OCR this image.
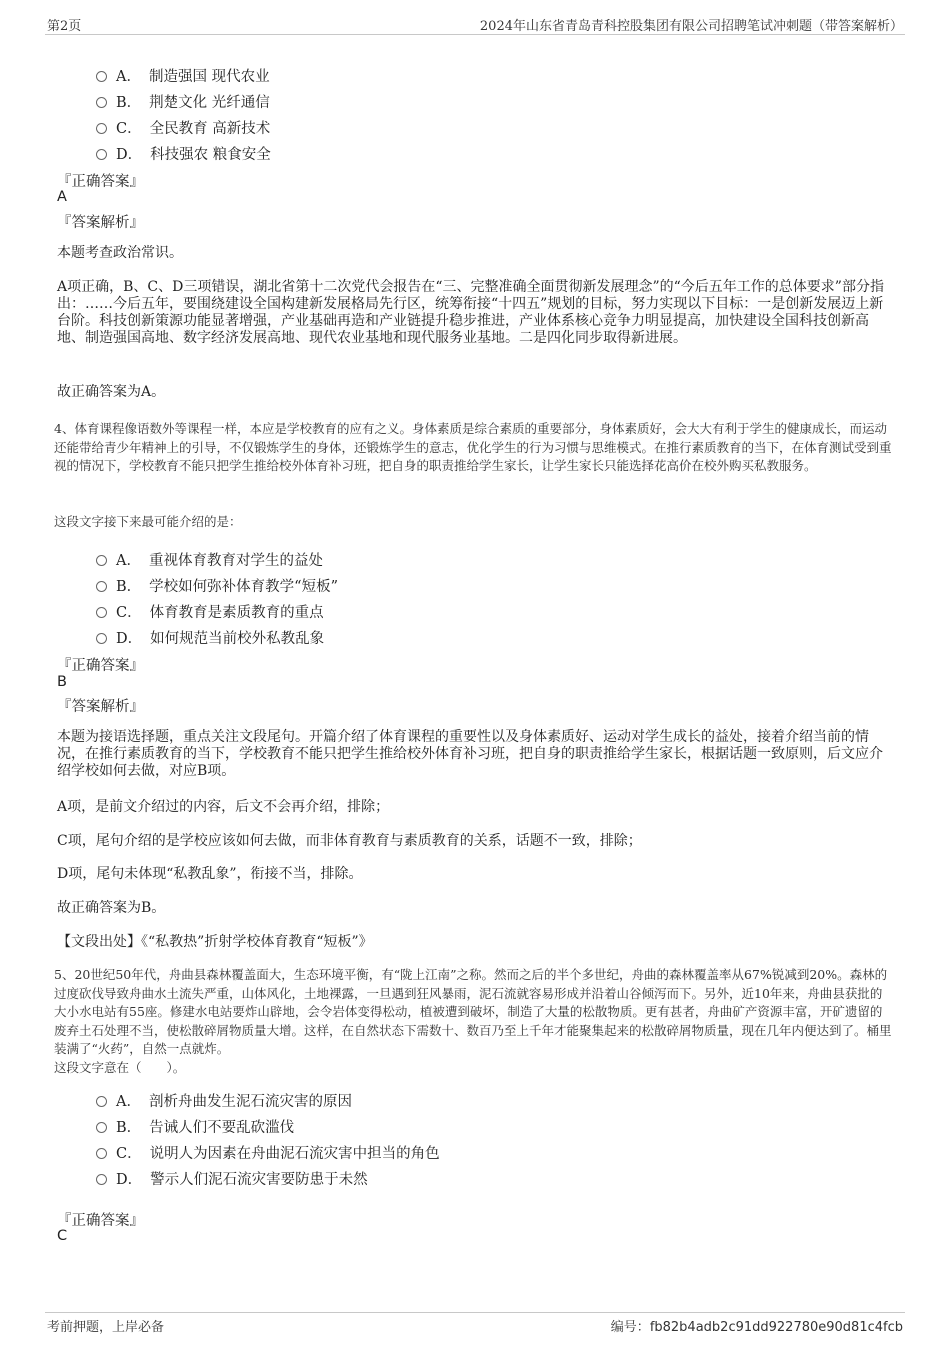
第2页	2024年山东省青岛青科控股集团有限公司招聘笔试冲刺题（带答案解析）
A． 制造强国 现代农业
B． 荆楚文化 光纤通信
C． 全民教育 高新技术
D． 科技强农 粮食安全
『正确答案』
A
『答案解析』
本题考查政治常识。
A项正确，B、C、D三项错误，湖北省第十二次党代会报告在“三、完整准确全面贯彻新发展理念”的“今后五年工作的总体要求”部分指出：……今后五年，要围绕建设全国构建新发展格局先行区，统筹衔接“十四五”规划的目标，努力实现以下目标：一是创新发展迈上新台阶。科技创新策源功能显著增强，产业基础再造和产业链提升稳步推进，产业体系核心竞争力明显提高，加快建设全国科技创新高地、制造强国高地、数字经济发展高地、现代农业基地和现代服务业基地。二是四化同步取得新进展。
故正确答案为A。
4、体育课程像语数外等课程一样，本应是学校教育的应有之义。身体素质是综合素质的重要部分，身体素质好，会大大有利于学生的健康成长，而运动还能带给青少年精神上的引导，不仅锻炼学生的身体，还锻炼学生的意志，优化学生的行为习惯与思维模式。在推行素质教育的当下，在体育测试受到重视的情况下，学校教育不能只把学生推给校外体育补习班，把自身的职责推给学生家长，让学生家长只能选择花高价在校外购买私教服务。
这段文字接下来最可能介绍的是：
A． 重视体育教育对学生的益处
B． 学校如何弥补体育教学“短板”
C． 体育教育是素质教育的重点
D． 如何规范当前校外私教乱象
『正确答案』
B
『答案解析』
本题为接语选择题，重点关注文段尾句。开篇介绍了体育课程的重要性以及身体素质好、运动对学生成长的益处，接着介绍当前的情况，在推行素质教育的当下，学校教育不能只把学生推给校外体育补习班，把自身的职责推给学生家长，根据话题一致原则，后文应介绍学校如何去做，对应B项。
A项，是前文介绍过的内容，后文不会再介绍，排除；
C项，尾句介绍的是学校应该如何去做，而非体育教育与素质教育的关系，话题不一致，排除；
D项，尾句未体现“私教乱象”，衔接不当，排除。
故正确答案为B。
【文段出处】《“私教热”折射学校体育教育“短板”》
5、20世纪50年代，舟曲县森林覆盖面大，生态环境平衡，有“陇上江南”之称。然而之后的半个多世纪，舟曲的森林覆盖率从67%锐减到20%。森林的过度砍伐导致舟曲水土流失严重，山体风化，土地裸露，一旦遇到狂风暴雨，泥石流就容易形成并沿着山谷倾泻而下。另外，近10年来，舟曲县获批的大小水电站有55座。修建水电站要炸山辟地，会令岩体变得松动，植被遭到破坏，制造了大量的松散物质。更有甚者，舟曲矿产资源丰富，开矿遗留的废弃土石处理不当，使松散碎屑物质量大增。这样，在自然状态下需数十、数百乃至上千年才能聚集起来的松散碎屑物质量，现在几年内便达到了。桶里装满了“火药”，自然一点就炸。
这段文字意在（　　）。
A． 剖析舟曲发生泥石流灾害的原因
B． 告诫人们不要乱砍滥伐
C． 说明人为因素在舟曲泥石流灾害中担当的角色
D． 警示人们泥石流灾害要防患于未然
『正确答案』
C
考前押题，上岸必备	编号：fb82b4adb2c91dd922780e90d81c4fcb
